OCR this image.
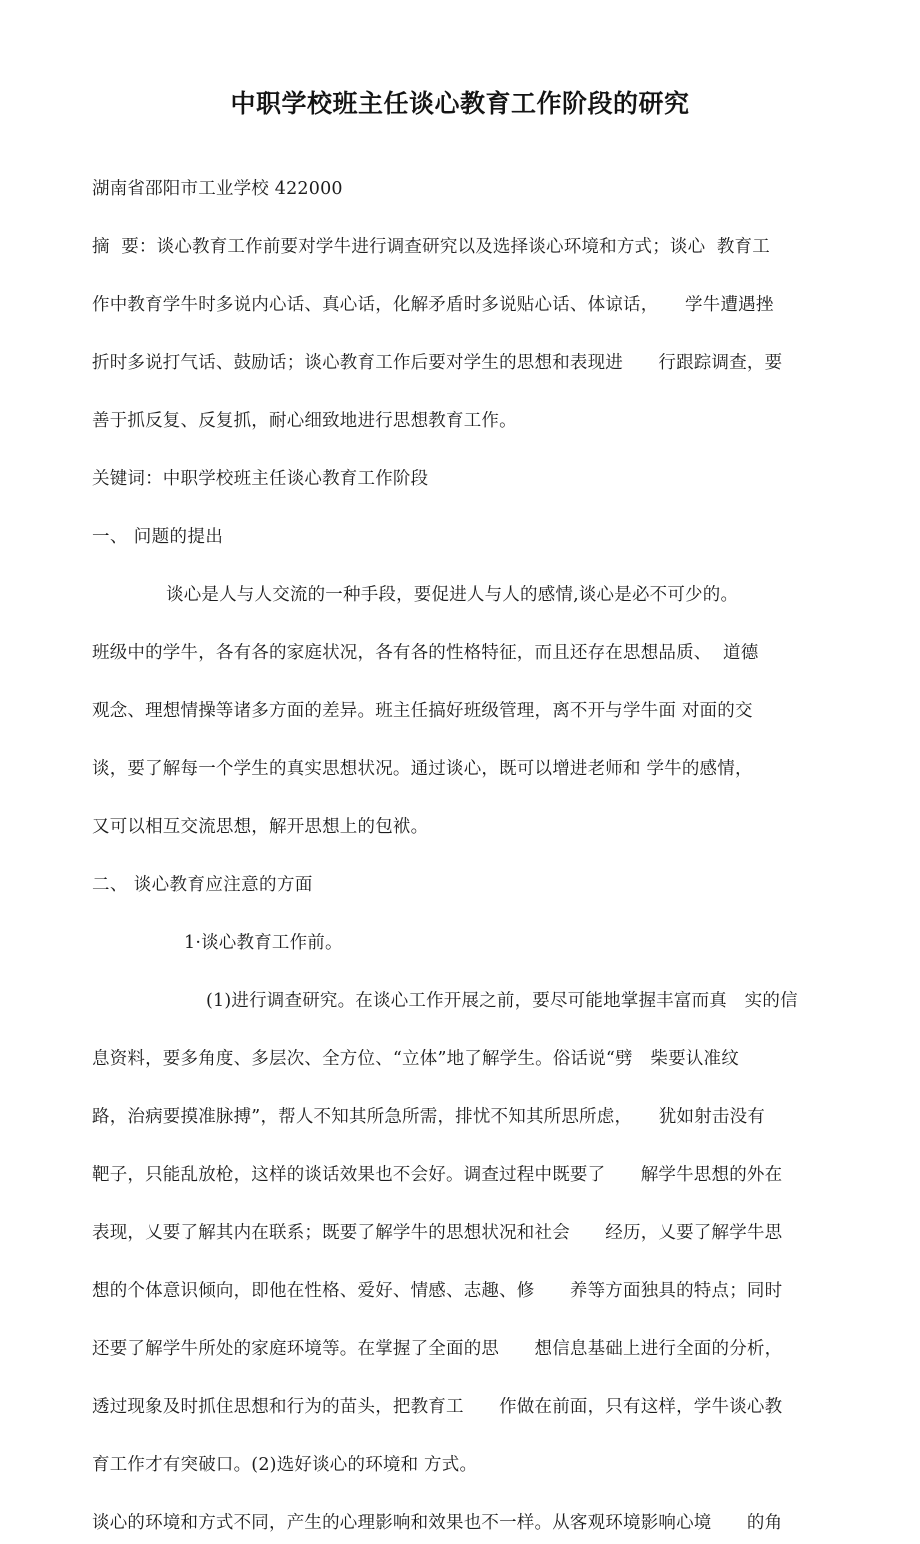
中职学校班主任谈心教育工作阶段的研究

湖南省邵阳市工业学校 422000

摘  要：谈心教育工作前要对学牛进行调查研究以及选择谈心环境和方式；谈心  教育工

作中教育学牛时多说内心话、真心话，化解矛盾时多说贴心话、体谅话，　　学牛遭遇挫

折时多说打气话、鼓励话；谈心教育工作后要对学生的思想和表现进　　行跟踪调查，要

善于抓反复、反复抓，耐心细致地进行思想教育工作。

关键词：中职学校班主任谈心教育工作阶段

一、 问题的提出

谈心是人与人交流的一种手段，要促进人与人的感情,谈心是必不可少的。

班级中的学牛，各有各的家庭状况，各有各的性格特征，而且还存在思想品质、  道德

观念、理想情操等诸多方面的差异。班主任搞好班级管理，离不开与学牛面 对面的交

谈，要了解每一个学生的真实思想状况。通过谈心，既可以增进老师和 学牛的感情，

又可以相互交流思想，解开思想上的包袱。

二、 谈心教育应注意的方面

1·谈心教育工作前。

(1)进行调查研究。在谈心工作开展之前，要尽可能地掌握丰富而真　实的信

息资料，要多角度、多层次、全方位、“立体”地了解学生。俗话说“劈　柴要认准纹

路，治病要摸准脉搏”，帮人不知其所急所需，排忧不知其所思所虑，　　犹如射击没有

靶子，只能乱放枪，这样的谈话效果也不会好。调查过程中既要了　　解学牛思想的外在

表现，乂要了解其内在联系；既要了解学牛的思想状况和社会　　经历，乂要了解学牛思

想的个体意识倾向，即他在性格、爱好、情感、志趣、修　　养等方面独具的特点；同时

还要了解学牛所处的家庭环境等。在掌握了全面的思　　想信息基础上进行全面的分析，

透过现象及时抓住思想和行为的苗头，把教育工　　作做在前面，只有这样，学牛谈心教

育工作才有突破口。(2)选好谈心的环境和 方式。

谈心的环境和方式不同，产生的心理影响和效果也不一样。从客观环境影响心境　　的角
